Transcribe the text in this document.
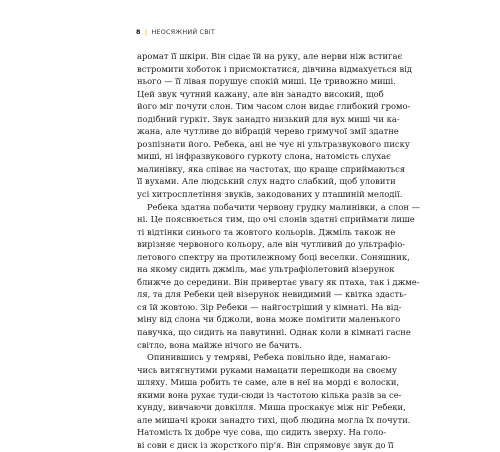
8 | НЕОСЯЖНИЙ СВІТ
аромат її шкіри. Він сідає їй на руку, але нерви ніж встигає
встромити хоботок і присмоктатися, дівчина відмахується від
нього — її лівая порушує спокій миші. Це тривожно миші.
Цей звук чутний кажану, але він занадто високий, щоб
його міг почути слон. Тим часом слон видає глибокий громо-
подібний гуркіт. Звук занадто низький для вух миші чи ка-
жана, але чутливе до вібрацій черево гримучої змії здатне
розпізнати його. Ребека, ані не чує ні ультразвукового писку
миші, ні інфразвукового гуркоту слона, натомість слухає
малинівку, яка співає на частотах, що краще сприймаються
її вухами. Але людський слух надто слабкий, щоб уловити
усі хитросплетіння звуків, закодованих у пташиній мелодії.
Ребека здатна побачити червону грудку малинівки, а слон —
ні. Це пояснюється тим, що очі слонів здатні сприймати лише
ті відтінки синього та жовтого кольорів. Джміль також не
вирізняє червоного кольору, але він чутливий до ультрафіо-
летового спектру на протилежному боці веселки. Соняшник,
на якому сидить джміль, має ультрафіолетовий візерунок
ближче до середини. Він привертає увагу як птаха, так і джме-
ля, та для Ребеки цей візерунок невидимий — квітка здасть-
ся їй жовтою. Зір Ребеки — найгостріший у кімнаті. На від-
міну від слона чи бджоли, вона може помітити маленького
павучка, що сидить на павутинні. Однак коли в кімнаті гасне
світло, вона майже нічого не бачить.
Опинившись у темряві, Ребека повільно йде, намагаю-
чись витягнутими руками намацати перешкоди на своєму
шляху. Миша робить те саме, але в неї на морді є волоски,
якими вона рухає туди-сюди із частотою кілька разів за се-
кунду, вивчаючи довкілля. Миша проскакує між ніг Ребеки,
але мишачі кроки занадто тихі, щоб людина могла їх почути.
Натомість їх добре чує сова, що сидить зверху. На голо-
ві сови є диск із жорсткого пір'я. Він спрямовує звук до її
